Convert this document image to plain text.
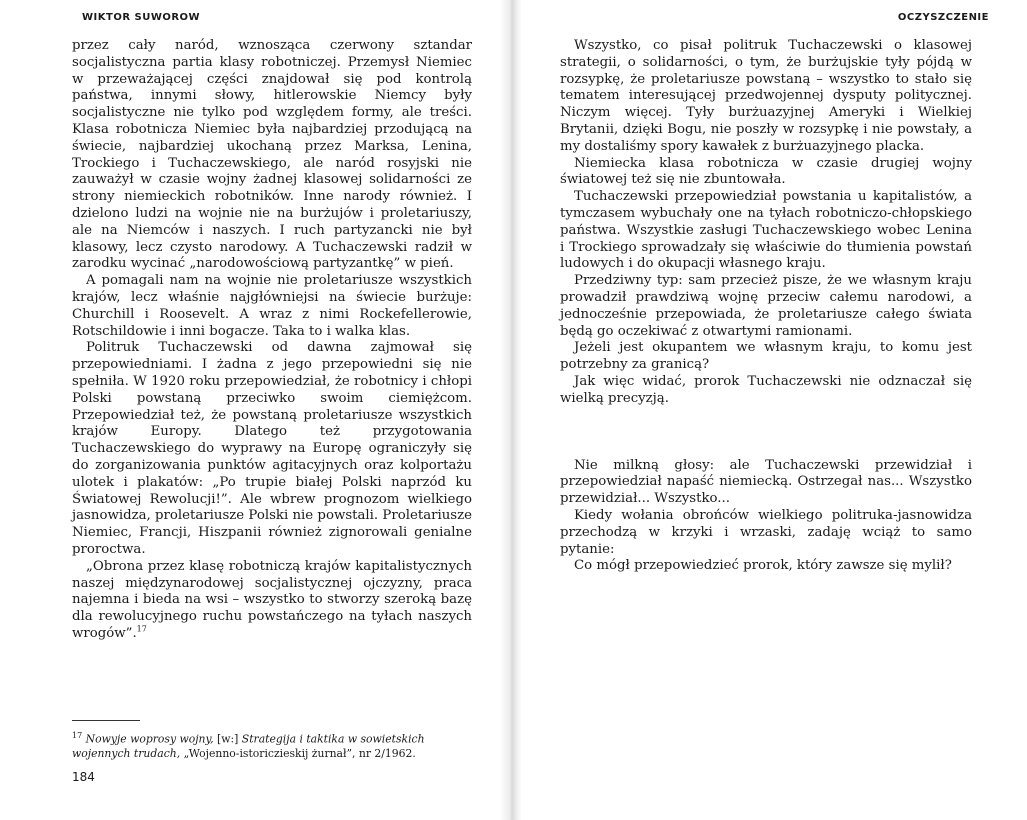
WIKTOR SUWOROW

przez cały naród, wznosząca czerwony sztandar socjalistyczna partia klasy robotniczej. Przemysł Niemiec w przeważającej części znajdował się pod kontrolą państwa, innymi słowy, hitlerowskie Niemcy były socjalistyczne nie tylko pod względem formy, ale treści. Klasa robotnicza Niemiec była najbardziej przodującą na świecie, najbardziej ukochaną przez Marksa, Lenina, Trockiego i Tuchaczewskiego, ale naród rosyjski nie zauważył w czasie wojny żadnej klasowej solidarności ze strony niemieckich robotników. Inne narody również. I dzielono ludzi na wojnie nie na burżujów i proletariuszy, ale na Niemców i naszych. I ruch partyzancki nie był klasowy, lecz czysto narodowy. A Tuchaczewski radził w zarodku wycinać „narodowościową partyzantkę” w pień.

A pomagali nam na wojnie nie proletariusze wszystkich krajów, lecz właśnie najgłówniejsi na świecie burżuje: Churchill i Roosevelt. A wraz z nimi Rockefellerowie, Rotschildowie i inni bogacze. Taka to i walka klas.

Politruk Tuchaczewski od dawna zajmował się przepowiedniami. I żadna z jego przepowiedni się nie spełniła. W 1920 roku przepowiedział, że robotnicy i chłopi Polski powstaną przeciwko swoim ciemiężcom. Przepowiedział też, że powstaną proletariusze wszystkich krajów Europy. Dlatego też przygotowania Tuchaczewskiego do wyprawy na Europę ograniczyły się do zorganizowania punktów agitacyjnych oraz kolportażu ulotek i plakatów: „Po trupie białej Polski naprzód ku Światowej Rewolucji!”. Ale wbrew prognozom wielkiego jasnowidza, proletariusze Polski nie powstali. Proletariusze Niemiec, Francji, Hiszpanii również zignorowali genialne proroctwa.

„Obrona przez klasę robotniczą krajów kapitalistycznych naszej międzynarodowej socjalistycznej ojczyzny, praca najemna i bieda na wsi – wszystko to stworzy szeroką bazę dla rewolucyjnego ruchu powstańczego na tyłach naszych wrogów”.$^{17}$

$^{17}$ Nowyje woprosy wojny, [w:] Strategija i taktika w sowietskich wojennych trudach, „Wojenno-istoriczieskij żurnał”, nr 2/1962.
184
OCZYSZCZENIE

Wszystko, co pisał politruk Tuchaczewski o klasowej strategii, o solidarności, o tym, że burżujskie tyły pójdą w rozsypkę, że proletariusze powstaną – wszystko to stało się tematem interesującej przedwojennej dysputy politycznej. Niczym więcej. Tyły burżuazyjnej Ameryki i Wielkiej Brytanii, dzięki Bogu, nie poszły w rozsypkę i nie powstały, a my dostaliśmy spory kawałek z burżuazyjnego placka.

Niemiecka klasa robotnicza w czasie drugiej wojny światowej też się nie zbuntowała.

Tuchaczewski przepowiedział powstania u kapitalistów, a tymczasem wybuchały one na tyłach robotniczo-chłopskiego państwa. Wszystkie zasługi Tuchaczewskiego wobec Lenina i Trockiego sprowadzały się właściwie do tłumienia powstań ludowych i do okupacji własnego kraju.

Przedziwny typ: sam przecież pisze, że we własnym kraju prowadził prawdziwą wojnę przeciw całemu narodowi, a jednocześnie przepowiada, że proletariusze całego świata będą go oczekiwać z otwartymi ramionami.

Jeżeli jest okupantem we własnym kraju, to komu jest potrzebny za granicą?

Jak więc widać, prorok Tuchaczewski nie odznaczał się wielką precyzją.

Nie milkną głosy: ale Tuchaczewski przewidział i przepowiedział napaść niemiecką. Ostrzegał nas... Wszystko przewidział... Wszystko...

Kiedy wołania obrońców wielkiego politruka-jasnowidza przechodzą w krzyki i wrzaski, zadaję wciąż to samo pytanie:

Co mógł przepowiedzieć prorok, który zawsze się mylił?
